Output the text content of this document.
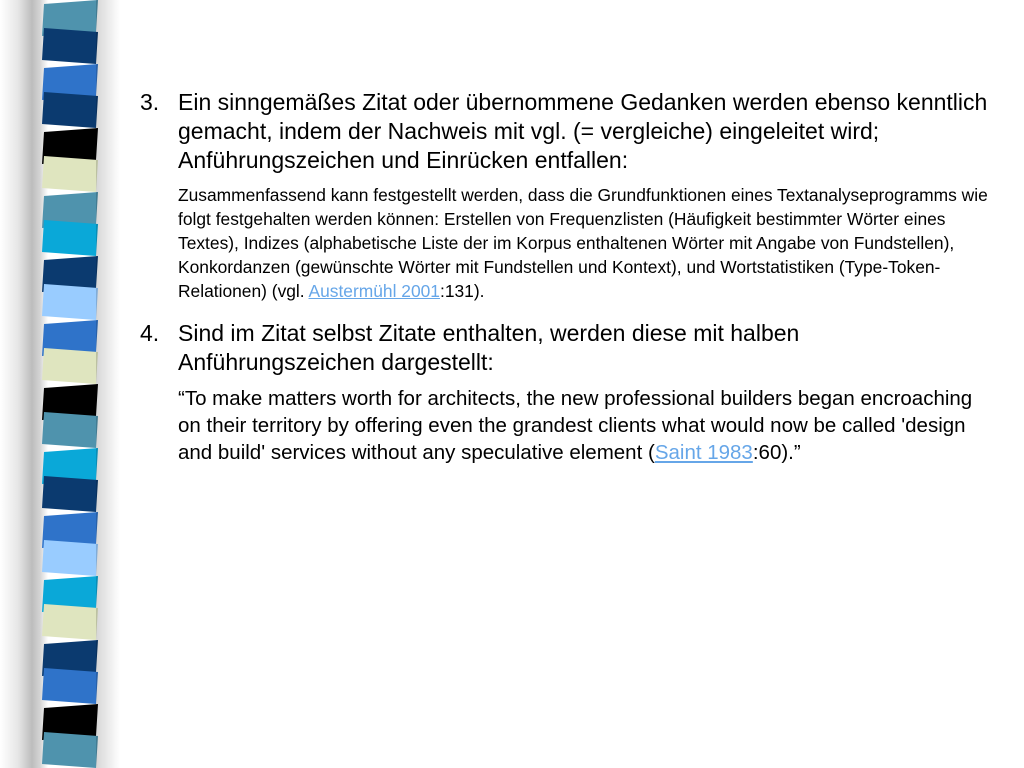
3. Ein sinngemäßes Zitat oder übernommene Gedanken werden ebenso kenntlich gemacht, indem der Nachweis mit vgl. (= vergleiche) eingeleitet wird; Anführungszeichen und Einrücken entfallen:
Zusammenfassend kann festgestellt werden, dass die Grundfunktionen eines Textanalyseprogramms wie folgt festgehalten werden können: Erstellen von Frequenzlisten (Häufigkeit bestimmter Wörter eines Textes), Indizes (alphabetische Liste der im Korpus enthaltenen Wörter mit Angabe von Fundstellen), Konkordanzen (gewünschte Wörter mit Fundstellen und Kontext), und Wortstatistiken (Type-Token-Relationen) (vgl. Austermühl 2001:131).
4. Sind im Zitat selbst Zitate enthalten, werden diese mit halben Anführungszeichen dargestellt:
“To make matters worth for architects, the new professional builders began encroaching on their territory by offering even the grandest clients what would now be called 'design and build' services without any speculative element (Saint 1983:60).”
